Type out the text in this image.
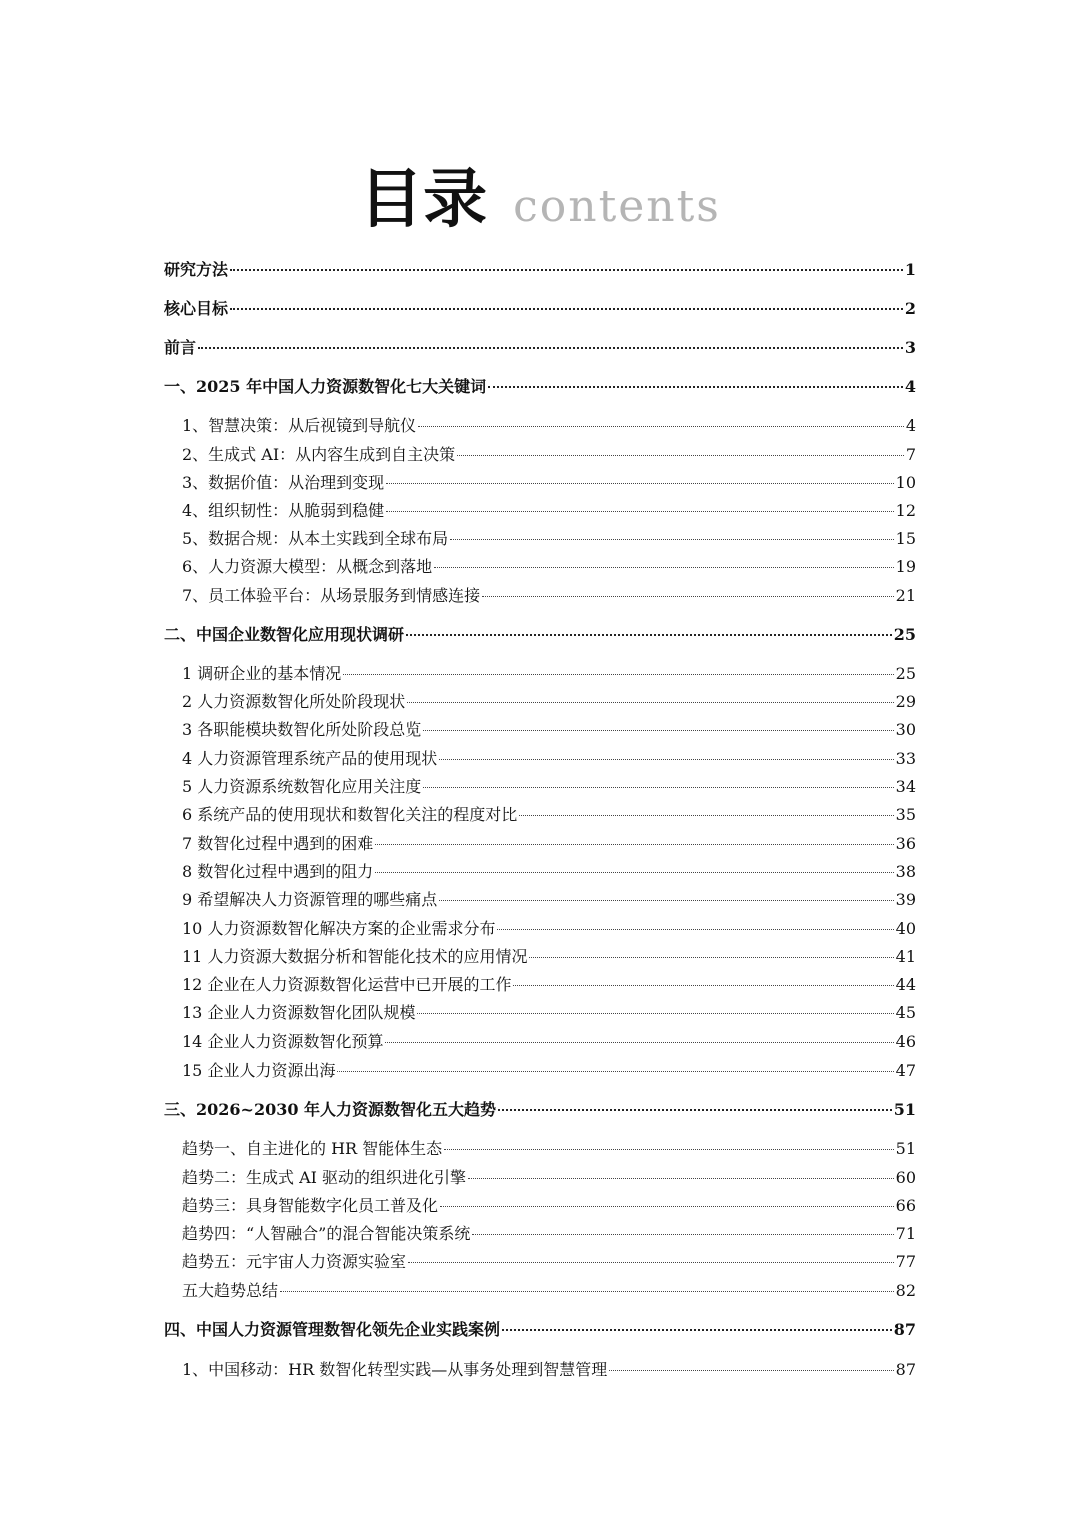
目录 contents
研究方法	1
核心目标	2
前言	3
一、2025 年中国人力资源数智化七大关键词	4
1、智慧决策：从后视镜到导航仪	4
2、生成式 AI：从内容生成到自主决策	7
3、数据价值：从治理到变现	10
4、组织韧性：从脆弱到稳健	12
5、数据合规：从本土实践到全球布局	15
6、人力资源大模型：从概念到落地	19
7、员工体验平台：从场景服务到情感连接	21
二、中国企业数智化应用现状调研	25
1 调研企业的基本情况	25
2 人力资源数智化所处阶段现状	29
3 各职能模块数智化所处阶段总览	30
4 人力资源管理系统产品的使用现状	33
5 人力资源系统数智化应用关注度	34
6 系统产品的使用现状和数智化关注的程度对比	35
7 数智化过程中遇到的困难	36
8 数智化过程中遇到的阻力	38
9 希望解决人力资源管理的哪些痛点	39
10 人力资源数智化解决方案的企业需求分布	40
11 人力资源大数据分析和智能化技术的应用情况	41
12 企业在人力资源数智化运营中已开展的工作	44
13 企业人力资源数智化团队规模	45
14 企业人力资源数智化预算	46
15 企业人力资源出海	47
三、2026~2030 年人力资源数智化五大趋势	51
趋势一、自主进化的 HR 智能体生态	51
趋势二：生成式 AI 驱动的组织进化引擎	60
趋势三：具身智能数字化员工普及化	66
趋势四：“人智融合”的混合智能决策系统	71
趋势五：元宇宙人力资源实验室	77
五大趋势总结	82
四、中国人力资源管理数智化领先企业实践案例	87
1、中国移动：HR 数智化转型实践—从事务处理到智慧管理	87
